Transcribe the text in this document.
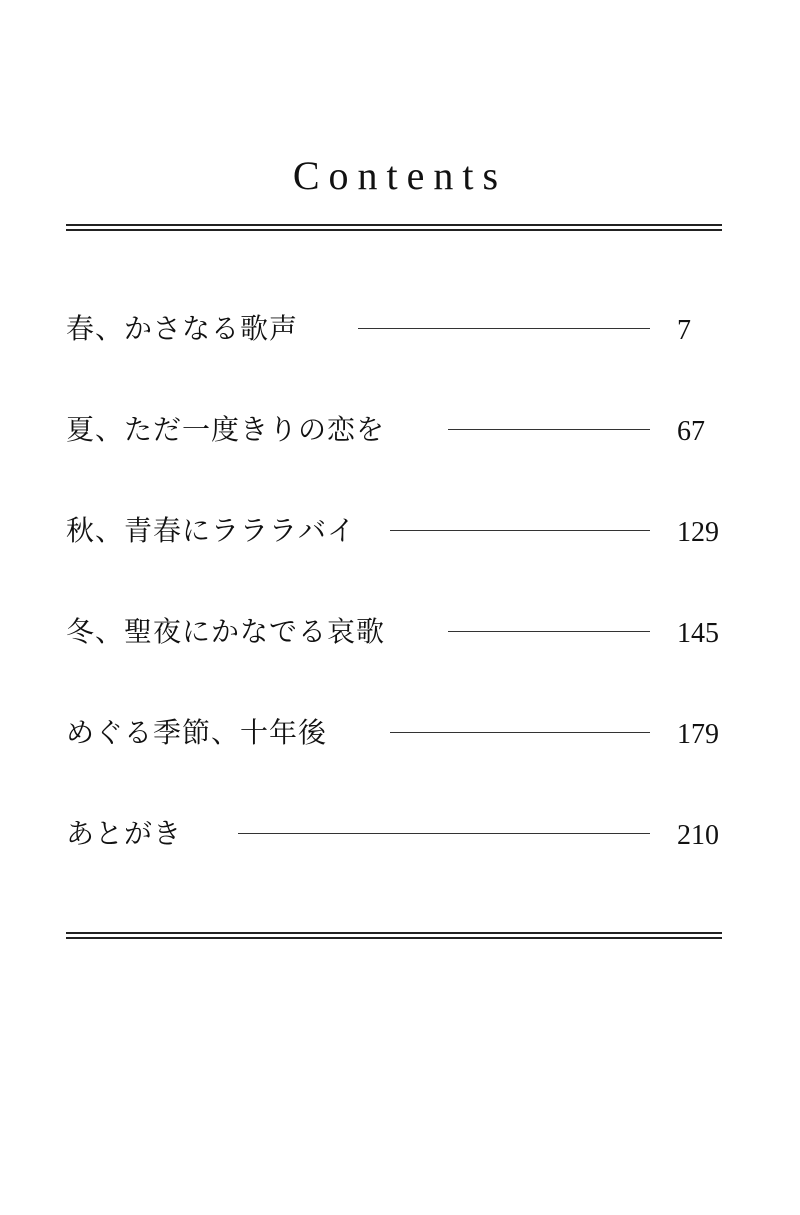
Contents
春、かさなる歌声	7
夏、ただ一度きりの恋を	67
秋、青春にラララバイ	129
冬、聖夜にかなでる哀歌	145
めぐる季節、十年後	179
あとがき	210
